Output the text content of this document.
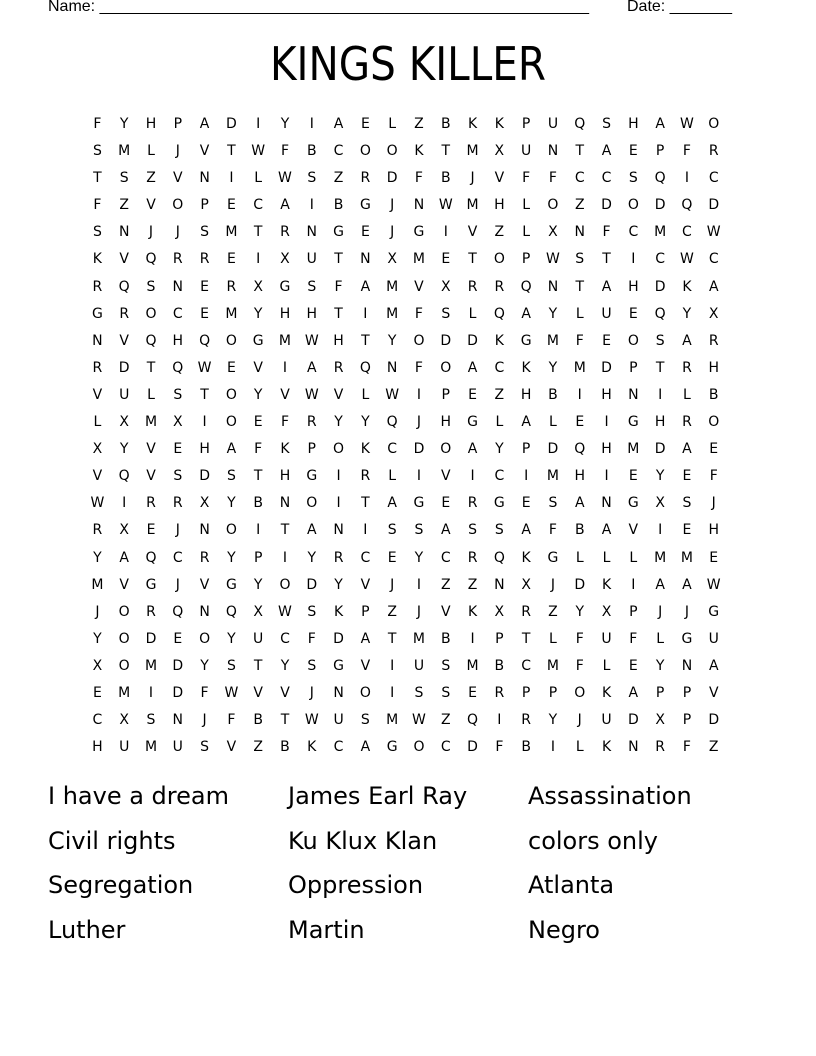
Name: _______________________________________________________ Date: _______
KINGS KILLER
F	Y	H	P	A	D	I	Y	I	A	E	L	Z	B	K	K	P	U	Q	S	H	A	W	O
S	M	L	J	V	T	W	F	B	C	O	O	K	T	M	X	U	N	T	A	E	P	F	R
T	S	Z	V	N	I	L	W	S	Z	R	D	F	B	J	V	F	F	C	C	S	Q	I	C
F	Z	V	O	P	E	C	A	I	B	G	J	N	W M	H	L	O	Z	D	O	D	Q	D
S	N	J	J	S	M	T	R	N	G	E	J	G	I	V	Z	L	X	N	F	C	M	C	W
K	V	Q	R	R	E	I	X	U	T	N	X	M	E	T	O	P	W	S	T	I	C	W	C
R	Q	S	N	E	R	X	G	S	F	A	M	V	X	R	R	Q	N	T	A	H	D	K	A
G	R	O	C	E	M	Y	H	H	T	I	M	F	S	L	Q	A	Y	L	U	E	Q	Y	X
N	V	Q	H	Q	O	G	M W	H	T	Y	O	D	D	K	G	M	F	E	O	S	A	R
R	D	T	Q	W	E	V	I	A	R	Q	N	F	O	A	C	K	Y	M	D	P	T	R	H
V	U	L	S	T	O	Y	V	W	V	L	W	I	P	E	Z	H	B	I	H	N	I	L	B
L	X	M	X	I	O	E	F	R	Y	Y	Q	J	H	G	L	A	L	E	I	G	H	R	O
X	Y	V	E	H	A	F	K	P	O	K	C	D	O	A	Y	P	D	Q	H	M	D	A	E
V	Q	V	S	D	S	T	H	G	I	R	L	I	V	I	C	I	M	H	I	E	Y	E	F
W	I	R	R	X	Y	B	N	O	I	T	A	G	E	R	G	E	S	A	N	G	X	S	J
R	X	E	J	N	O	I	T	A	N	I	S	S	A	S	S	A	F	B	A	V	I	E	H
Y	A	Q	C	R	Y	P	I	Y	R	C	E	Y	C	R	Q	K	G	L	L	L	M	M	E
M	V	G	J	V	G	Y	O	D	Y	V	J	I	Z	Z	N	X	J	D	K	I	A	A	W
J	O	R	Q	N	Q	X	W	S	K	P	Z	J	V	K	X	R	Z	Y	X	P	J	J	G
Y	O	D	E	O	Y	U	C	F	D	A	T	M	B	I	P	T	L	F	U	F	L	G	U
X	O	M	D	Y	S	T	Y	S	G	V	I	U	S	M	B	C	M	F	L	E	Y	N	A
E	M	I	D	F	W	V	V	J	N	O	I	S	S	E	R	P	P	O	K	A	P	P	V
C	X	S	N	J	F	B	T	W	U	S	M W	Z	Q	I	R	Y	J	U	D	X	P	D
H	U	M	U	S	V	Z	B	K	C	A	G	O	C	D	F	B	I	L	K	N	R	F	Z
I have a dream	James Earl Ray	Assassination
Civil rights	Ku Klux Klan	colors only
Segregation	Oppression	Atlanta
Luther	Martin	Negro
